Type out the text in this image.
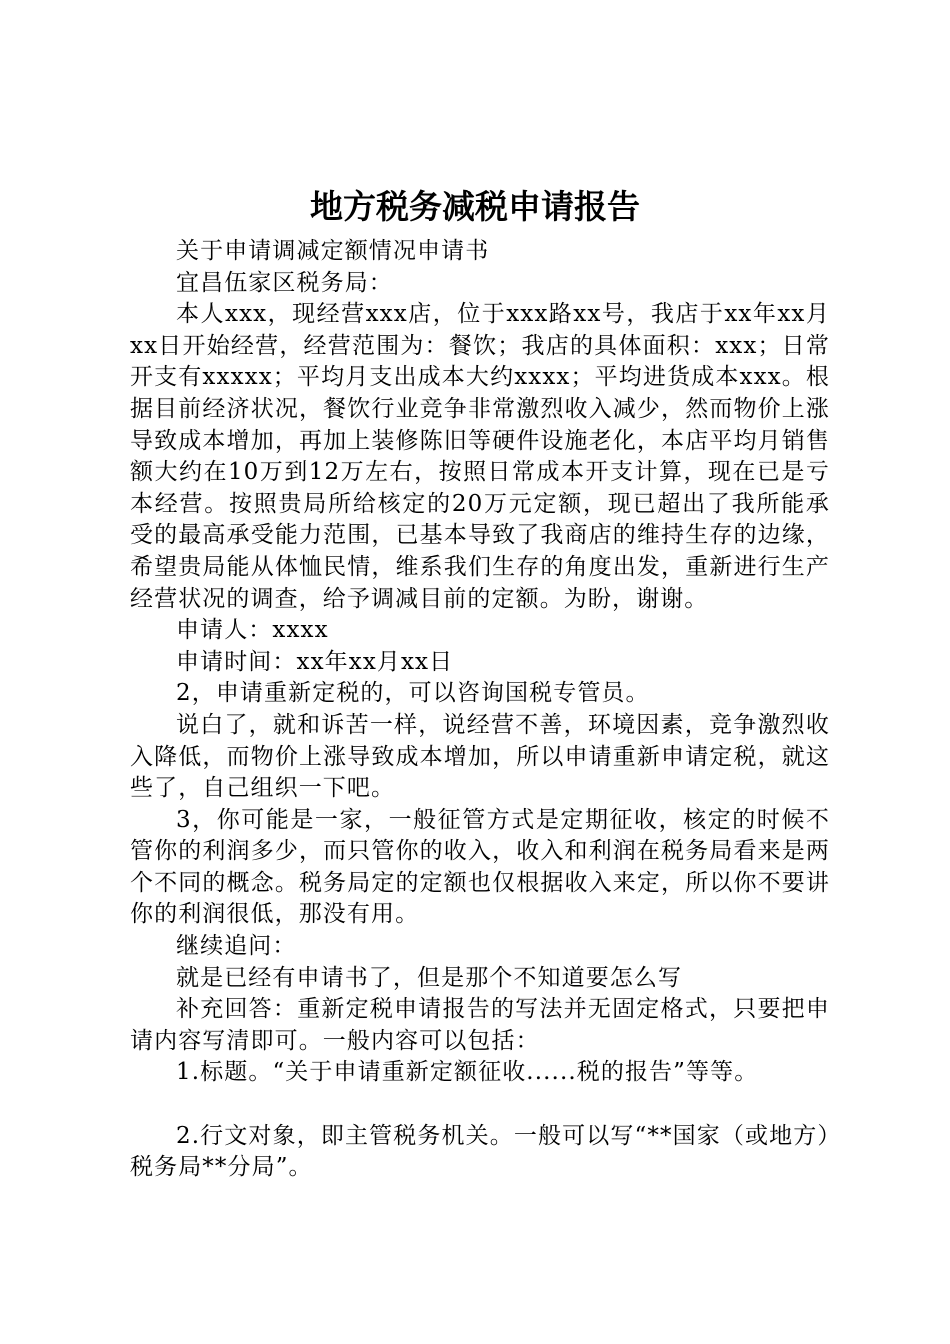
地方税务减税申请报告

关于申请调减定额情况申请书

宜昌伍家区税务局：

本人xxx，现经营xxx店，位于xxx路xx号，我店于xx年xx月xx日开始经营，经营范围为：餐饮；我店的具体面积：xxx；日常开支有xxxxx；平均月支出成本大约xxxx；平均进货成本xxx。根据目前经济状况，餐饮行业竞争非常激烈收入减少，然而物价上涨导致成本增加，再加上装修陈旧等硬件设施老化，本店平均月销售额大约在10万到12万左右，按照日常成本开支计算，现在已是亏本经营。按照贵局所给核定的20万元定额，现已超出了我所能承受的最高承受能力范围，已基本导致了我商店的维持生存的边缘，希望贵局能从体恤民情，维系我们生存的角度出发，重新进行生产经营状况的调查，给予调减目前的定额。为盼，谢谢。

申请人：xxxx

申请时间：xx年xx月xx日

2，申请重新定税的，可以咨询国税专管员。

说白了，就和诉苦一样，说经营不善，环境因素，竞争激烈收入降低，而物价上涨导致成本增加，所以申请重新申请定税，就这些了，自己组织一下吧。

3，你可能是一家，一般征管方式是定期征收，核定的时候不管你的利润多少，而只管你的收入，收入和利润在税务局看来是两个不同的概念。税务局定的定额也仅根据收入来定，所以你不要讲你的利润很低，那没有用。

继续追问：

就是已经有申请书了，但是那个不知道要怎么写

补充回答：重新定税申请报告的写法并无固定格式，只要把申请内容写清即可。一般内容可以包括：

1.标题。“关于申请重新定额征收......税的报告”等等。

2.行文对象，即主管税务机关。一般可以写“**国家（或地方）税务局**分局”。
